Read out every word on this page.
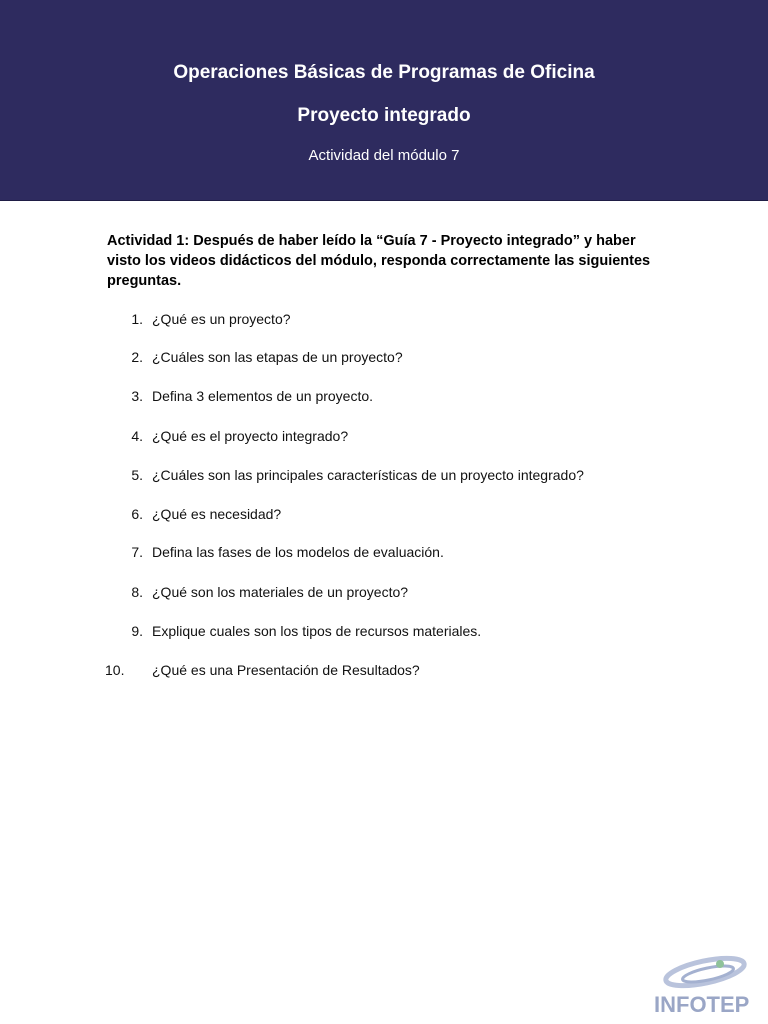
Operaciones Básicas de Programas de Oficina
Proyecto integrado
Actividad del módulo 7
Actividad 1: Después de haber leído la “Guía 7 - Proyecto integrado” y haber visto los videos didácticos del módulo, responda correctamente las siguientes preguntas.
1. ¿Qué es un proyecto?
2. ¿Cuáles son las etapas de un proyecto?
3. Defina 3 elementos de un proyecto.
4. ¿Qué es el proyecto integrado?
5. ¿Cuáles son las principales características de un proyecto integrado?
6. ¿Qué es necesidad?
7. Defina las fases de los modelos de evaluación.
8. ¿Qué son los materiales de un proyecto?
9. Explique cuales son los tipos de recursos materiales.
10.	¿Qué es una Presentación de Resultados?
INFOTEP
